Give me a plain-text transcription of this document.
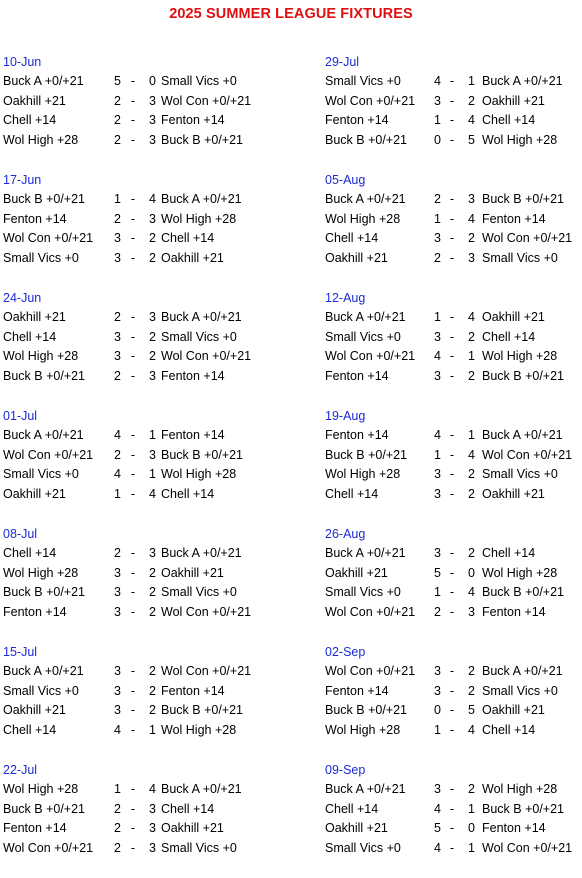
2025 SUMMER LEAGUE FIXTURES
10-Jun
Buck A +0/+21	5 - 0 Small Vics +0
Oakhill +21	2 - 3 Wol Con +0/+21
Chell +14	2 - 3 Fenton +14
Wol High +28	2 - 3 Buck B +0/+21
17-Jun
Buck B +0/+21	1 - 4 Buck A +0/+21
Fenton +14	2 - 3 Wol High +28
Wol Con +0/+21	3 - 2 Chell +14
Small Vics +0	3 - 2 Oakhill +21
24-Jun
Oakhill +21	2 - 3 Buck A +0/+21
Chell +14	3 - 2 Small Vics +0
Wol High +28	3 - 2 Wol Con +0/+21
Buck B +0/+21	2 - 3 Fenton +14
01-Jul
Buck A +0/+21	4 - 1 Fenton +14
Wol Con +0/+21	2 - 3 Buck B +0/+21
Small Vics +0	4 - 1 Wol High +28
Oakhill +21	1 - 4 Chell +14
08-Jul
Chell +14	2 - 3 Buck A +0/+21
Wol High +28	3 - 2 Oakhill +21
Buck B +0/+21	3 - 2 Small Vics +0
Fenton +14	3 - 2 Wol Con +0/+21
15-Jul
Buck A +0/+21	3 - 2 Wol Con +0/+21
Small Vics +0	3 - 2 Fenton +14
Oakhill +21	3 - 2 Buck B +0/+21
Chell +14	4 - 1 Wol High +28
22-Jul
Wol High +28	1 - 4 Buck A +0/+21
Buck B +0/+21	2 - 3 Chell +14
Fenton +14	2 - 3 Oakhill +21
Wol Con +0/+21	2 - 3 Small Vics +0
29-Jul
Small Vics +0	4 - 1 Buck A +0/+21
Wol Con +0/+21	3 - 2 Oakhill +21
Fenton +14	1 - 4 Chell +14
Buck B +0/+21	0 - 5 Wol High +28
05-Aug
Buck A +0/+21	2 - 3 Buck B +0/+21
Wol High +28	1 - 4 Fenton +14
Chell +14	3 - 2 Wol Con +0/+21
Oakhill +21	2 - 3 Small Vics +0
12-Aug
Buck A +0/+21	1 - 4 Oakhill +21
Small Vics +0	3 - 2 Chell +14
Wol Con +0/+21	4 - 1 Wol High +28
Fenton +14	3 - 2 Buck B +0/+21
19-Aug
Fenton +14	4 - 1 Buck A +0/+21
Buck B +0/+21	1 - 4 Wol Con +0/+21
Wol High +28	3 - 2 Small Vics +0
Chell +14	3 - 2 Oakhill +21
26-Aug
Buck A +0/+21	3 - 2 Chell +14
Oakhill +21	5 - 0 Wol High +28
Small Vics +0	1 - 4 Buck B +0/+21
Wol Con +0/+21	2 - 3 Fenton +14
02-Sep
Wol Con +0/+21	3 - 2 Buck A +0/+21
Fenton +14	3 - 2 Small Vics +0
Buck B +0/+21	0 - 5 Oakhill +21
Wol High +28	1 - 4 Chell +14
09-Sep
Buck A +0/+21	3 - 2 Wol High +28
Chell +14	4 - 1 Buck B +0/+21
Oakhill +21	5 - 0 Fenton +14
Small Vics +0	4 - 1 Wol Con +0/+21
